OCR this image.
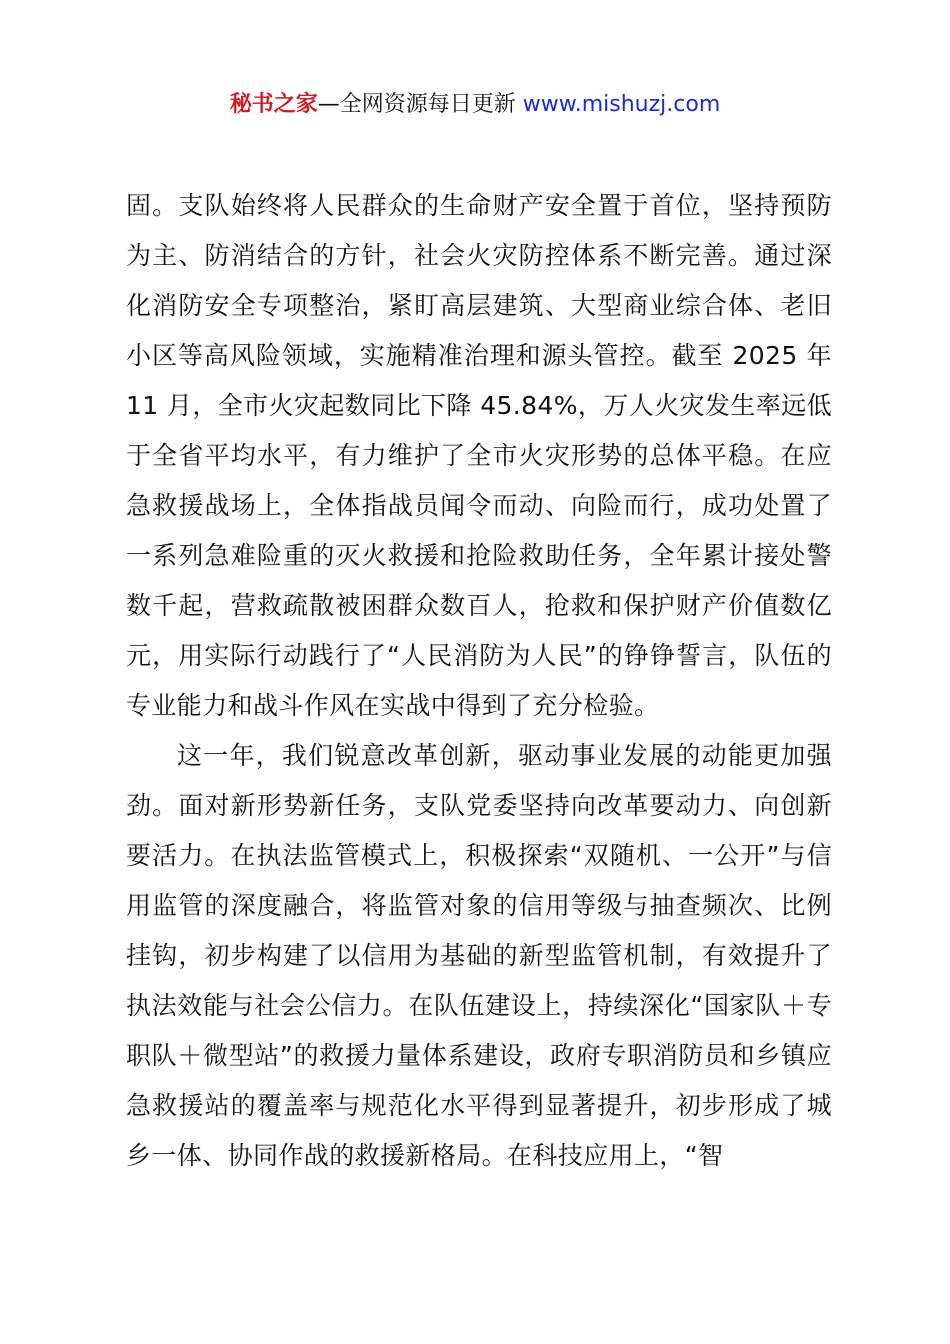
秘书之家—全网资源每日更新 www.mishuzj.com

固。支队始终将人民群众的生命财产安全置于首位，坚持预防为主、防消结合的方针，社会火灾防控体系不断完善。通过深化消防安全专项整治，紧盯高层建筑、大型商业综合体、老旧小区等高风险领域，实施精准治理和源头管控。截至 2025 年 11 月，全市火灾起数同比下降 45.84%，万人火灾发生率远低于全省平均水平，有力维护了全市火灾形势的总体平稳。在应急救援战场上，全体指战员闻令而动、向险而行，成功处置了一系列急难险重的灭火救援和抢险救助任务，全年累计接处警数千起，营救疏散被困群众数百人，抢救和保护财产价值数亿元，用实际行动践行了“人民消防为人民”的铮铮誓言，队伍的专业能力和战斗作风在实战中得到了充分检验。

这一年，我们锐意改革创新，驱动事业发展的动能更加强劲。面对新形势新任务，支队党委坚持向改革要动力、向创新要活力。在执法监管模式上，积极探索“双随机、一公开”与信用监管的深度融合，将监管对象的信用等级与抽查频次、比例挂钩，初步构建了以信用为基础的新型监管机制，有效提升了执法效能与社会公信力。在队伍建设上，持续深化“国家队＋专职队＋微型站”的救援力量体系建设，政府专职消防员和乡镇应急救援站的覆盖率与规范化水平得到显著提升，初步形成了城乡一体、协同作战的救援新格局。在科技应用上，“智
